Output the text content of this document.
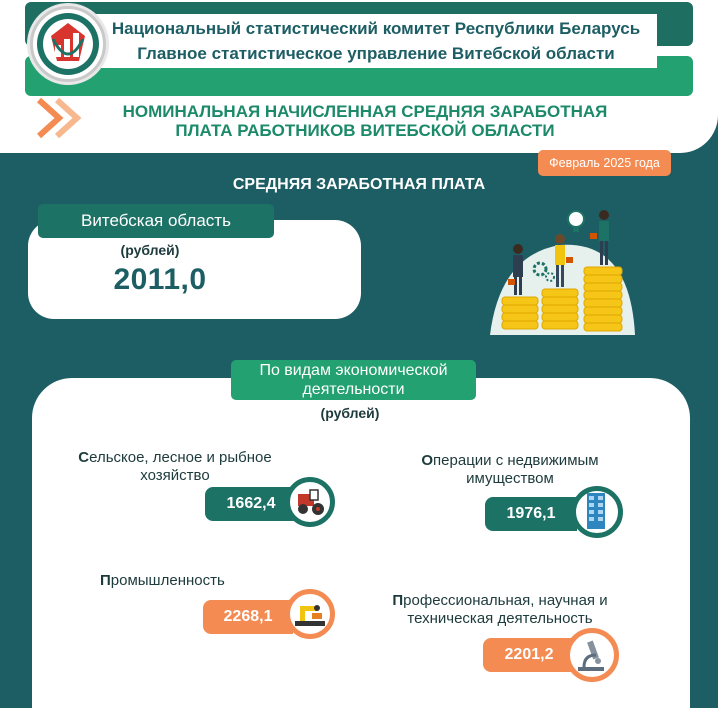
Национальный статистический комитет Республики Беларусь
Главное статистическое управление Витебской области
НОМИНАЛЬНАЯ НАЧИСЛЕННАЯ СРЕДНЯЯ ЗАРАБОТНАЯ
ПЛАТА РАБОТНИКОВ ВИТЕБСКОЙ ОБЛАСТИ
Февраль 2025 года
СРЕДНЯЯ ЗАРАБОТНАЯ ПЛАТА
Витебская область
(рублей)
2011,0
По видам экономической
деятельности
(рублей)
Сельское, лесное и рыбное
хозяйство
1662,4
Операции с недвижимым
имуществом
1976,1
Промышленность
2268,1
Профессиональная, научная и
техническая деятельность
2201,2
